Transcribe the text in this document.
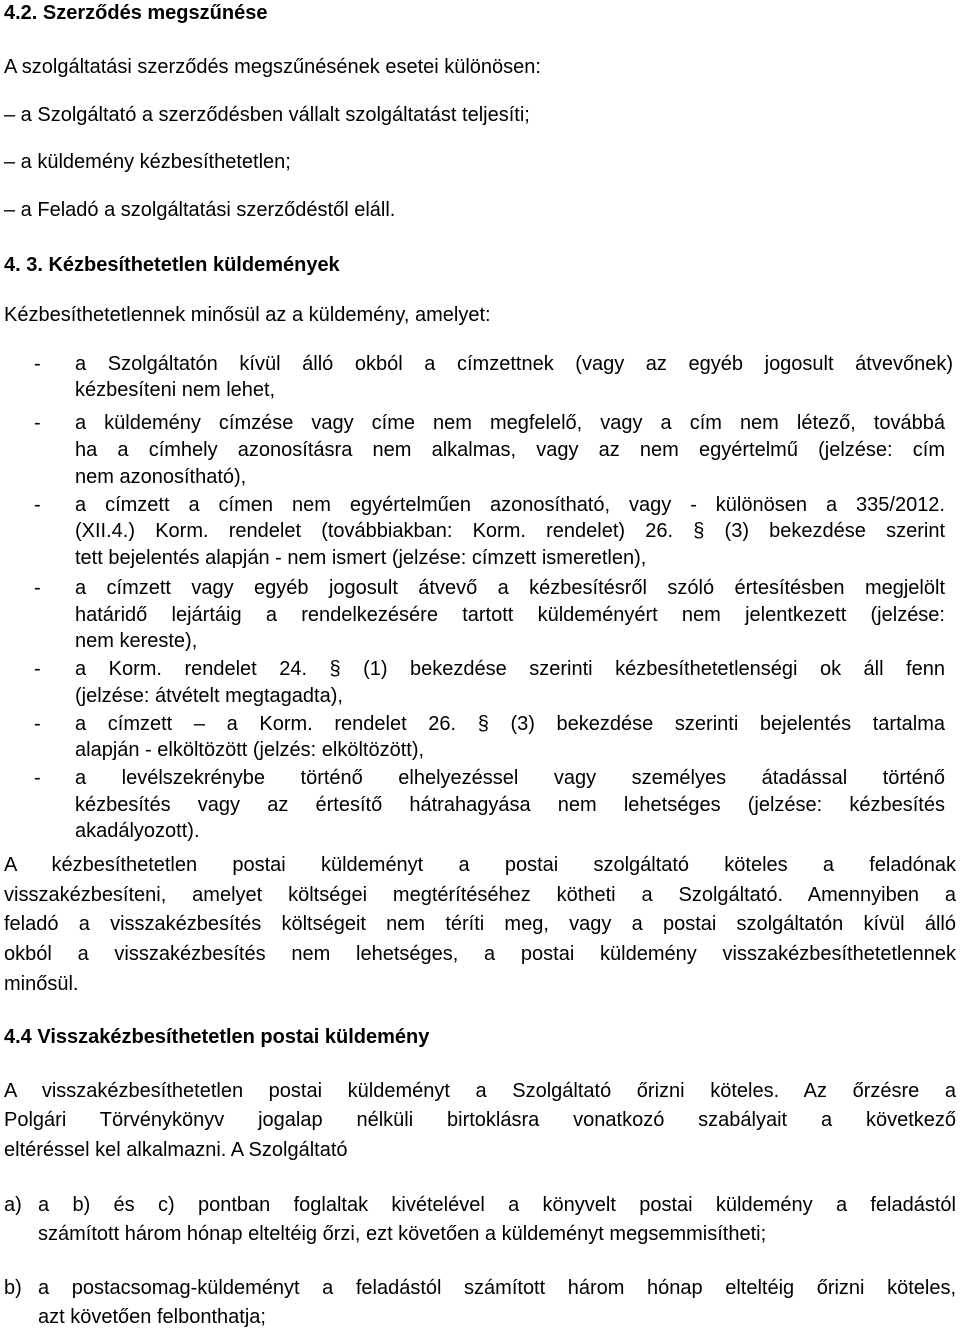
4.2. Szerződés megszűnése
A szolgáltatási szerződés megszűnésének esetei különösen:
– a Szolgáltató a szerződésben vállalt szolgáltatást teljesíti;
– a küldemény kézbesíthetetlen;
– a Feladó a szolgáltatási szerződéstől eláll.
4. 3. Kézbesíthetetlen küldemények
Kézbesíthetetlennek minősül az a küldemény, amelyet:
- a Szolgáltatón kívül álló okból a címzettnek (vagy az egyéb jogosult átvevőnek)
kézbesíteni nem lehet,
- a küldemény címzése vagy címe nem megfelelő, vagy a cím nem létező, továbbá
ha a címhely azonosításra nem alkalmas, vagy az nem egyértelmű (jelzése: cím
nem azonosítható),
- a címzett a címen nem egyértelműen azonosítható, vagy - különösen a 335/2012.
(XII.4.) Korm. rendelet (továbbiakban: Korm. rendelet) 26. § (3) bekezdése szerint
tett bejelentés alapján - nem ismert (jelzése: címzett ismeretlen),
- a címzett vagy egyéb jogosult átvevő a kézbesítésről szóló értesítésben megjelölt
határidő lejártáig a rendelkezésére tartott küldeményért nem jelentkezett (jelzése:
nem kereste),
- a Korm. rendelet 24. § (1) bekezdése szerinti kézbesíthetetlenségi ok áll fenn
(jelzése: átvételt megtagadta),
- a címzett – a Korm. rendelet 26. § (3) bekezdése szerinti bejelentés tartalma
alapján - elköltözött (jelzés: elköltözött),
- a levélszekrénybe történő elhelyezéssel vagy személyes átadással történő
kézbesítés vagy az értesítő hátrahagyása nem lehetséges (jelzése: kézbesítés
akadályozott).
A kézbesíthetetlen postai küldeményt a postai szolgáltató köteles a feladónak
visszakézbesíteni, amelyet költségei megtérítéséhez kötheti a Szolgáltató. Amennyiben a
feladó a visszakézbesítés költségeit nem téríti meg, vagy a postai szolgáltatón kívül álló
okból a visszakézbesítés nem lehetséges, a postai küldemény visszakézbesíthetetlennek
minősül.
4.4 Visszakézbesíthetetlen postai küldemény
A visszakézbesíthetetlen postai küldeményt a Szolgáltató őrizni köteles. Az őrzésre a
Polgári Törvénykönyv jogalap nélküli birtoklásra vonatkozó szabályait a következő
eltéréssel kel alkalmazni. A Szolgáltató
a) a b) és c) pontban foglaltak kivételével a könyvelt postai küldemény a feladástól
számított három hónap elteltéig őrzi, ezt követően a küldeményt megsemmisítheti;
b) a postacsomag-küldeményt a feladástól számított három hónap elteltéig őrizni köteles,
azt követően felbonthatja;
